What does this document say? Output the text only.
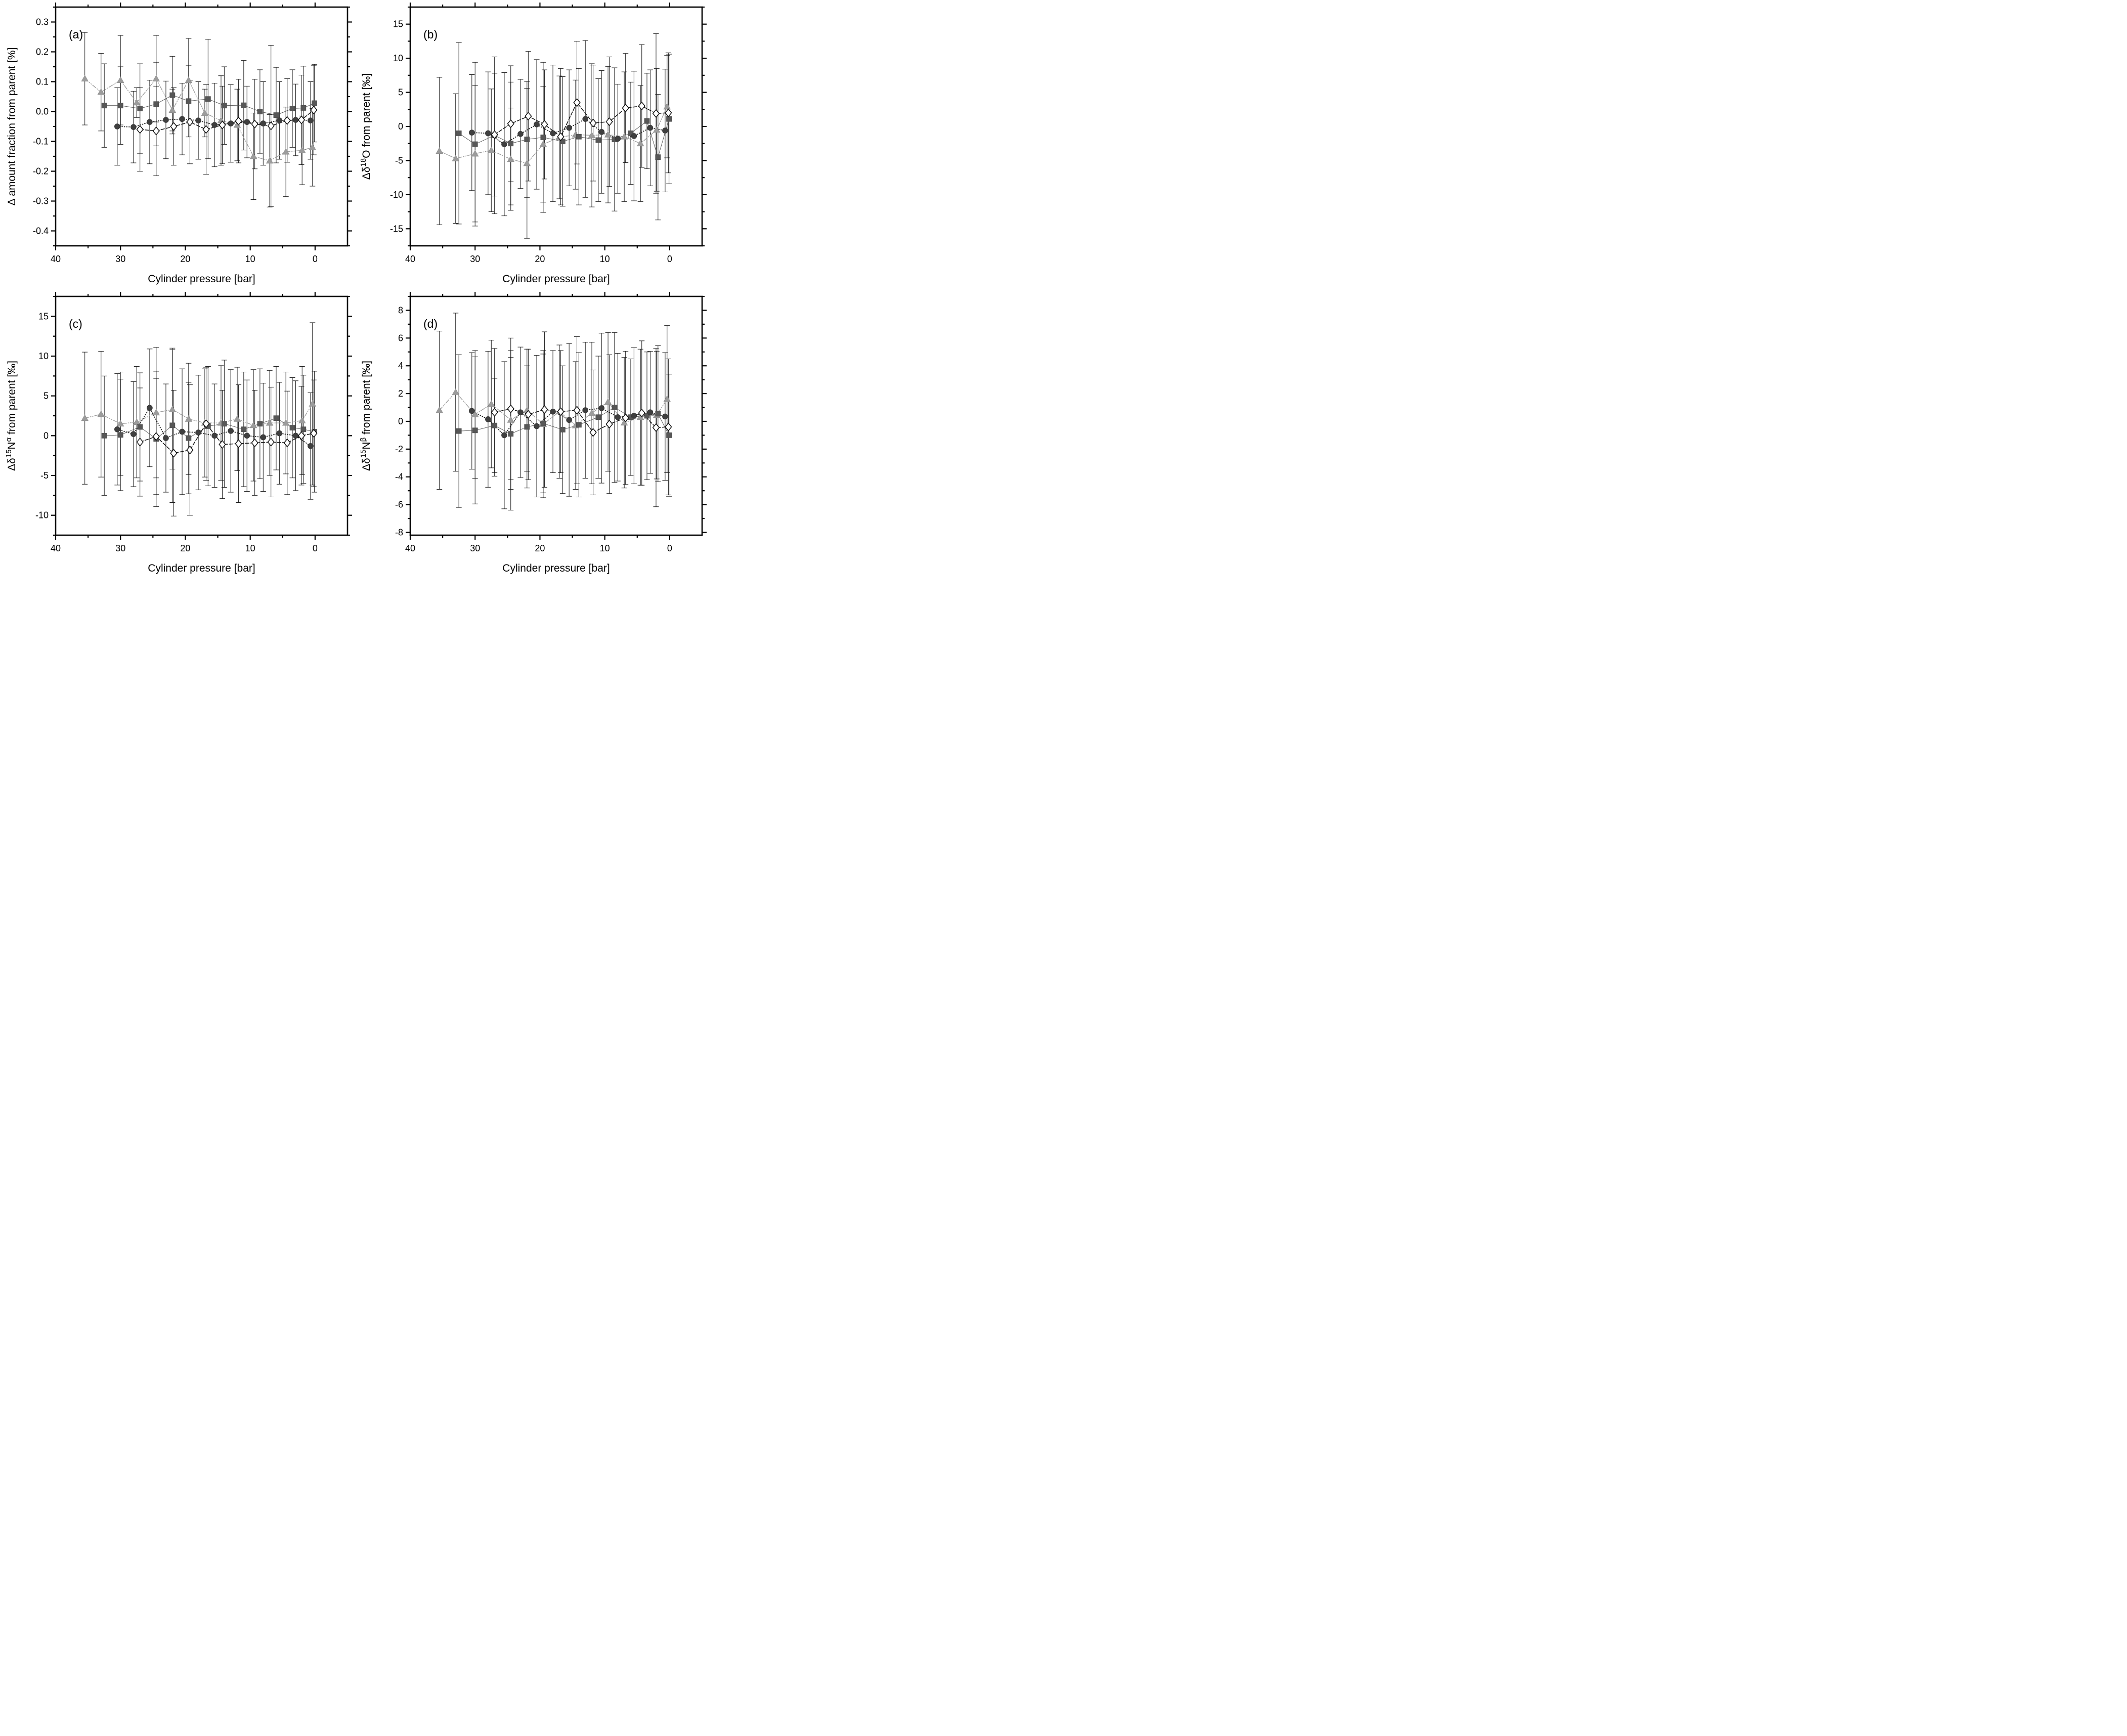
40	30	20	10	0
0.3
0.2
0.1
0.0
-0.1
-0.2
-0.3
-0.4
(a)
Cylinder pressure [bar]
Δ amount fraction from parent [%]
40	30	20	10	0
15
10
5
0
-5
-10
-15
(b)
Cylinder pressure [bar]
$\Delta\delta^{18}O$ from parent [‰]
40	30	20	10	0
15
10
5
0
-5
-10
(c)
Cylinder pressure [bar]
$\Delta\delta^{15}N^\alpha$ from parent [‰]
40	30	20	10	0
8
6
4
2
0
-2
-4
-6
-8
(d)
Cylinder pressure [bar]
$\Delta\delta^{15}N^\beta$ from parent [‰]
